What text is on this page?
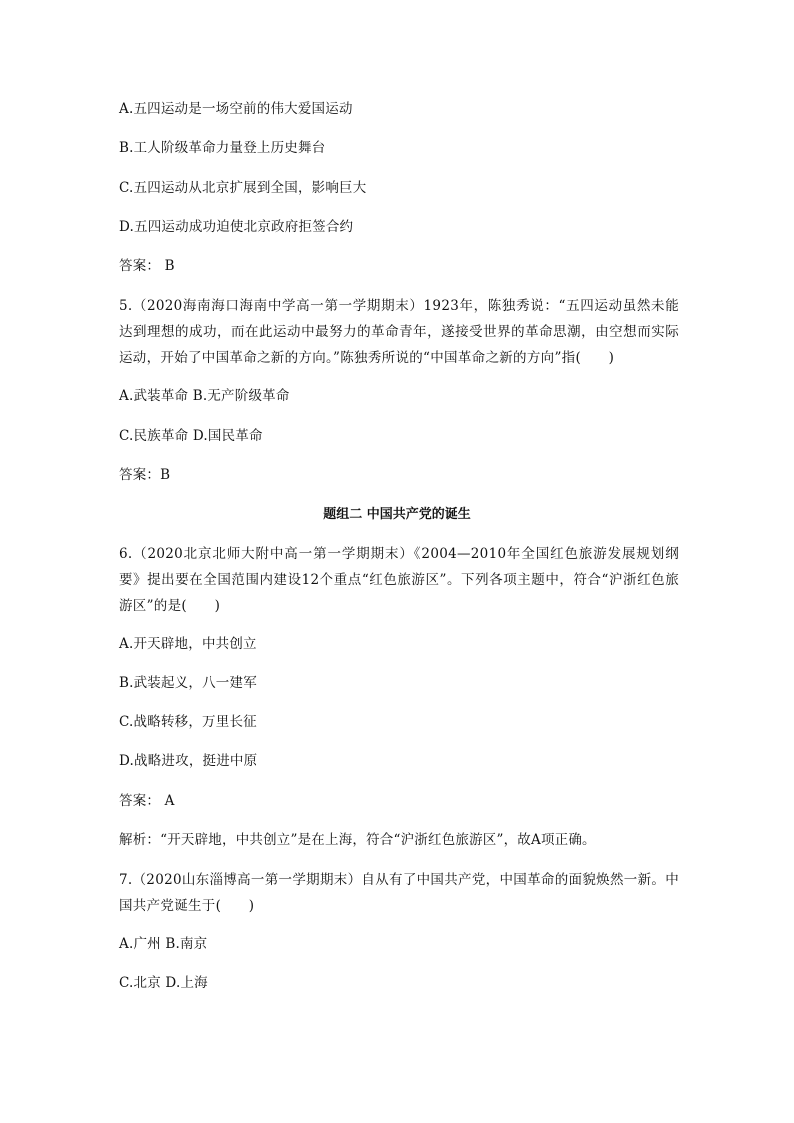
A.五四运动是一场空前的伟大爱国运动
B.工人阶级革命力量登上历史舞台
C.五四运动从北京扩展到全国，影响巨大
D.五四运动成功迫使北京政府拒签合约
答案： B
5.（2020海南海口海南中学高一第一学期期末）1923年，陈独秀说：“五四运动虽然未能达到理想的成功，而在此运动中最努力的革命青年，遂接受世界的革命思潮，由空想而实际运动，开始了中国革命之新的方向。”陈独秀所说的“中国革命之新的方向”指(　　)
A.武装革命 B.无产阶级革命
C.民族革命 D.国民革命
答案：B
题组二 中国共产党的诞生
6.（2020北京北师大附中高一第一学期期末）《2004—2010年全国红色旅游发展规划纲要》提出要在全国范围内建设12个重点“红色旅游区”。下列各项主题中，符合“沪浙红色旅游区”的是(　　)
A.开天辟地，中共创立
B.武装起义，八一建军
C.战略转移，万里长征
D.战略进攻，挺进中原
答案： A
解析：“开天辟地，中共创立”是在上海，符合“沪浙红色旅游区”，故A项正确。
7.（2020山东淄博高一第一学期期末）自从有了中国共产党，中国革命的面貌焕然一新。中国共产党诞生于(　　)
A.广州 B.南京
C.北京 D.上海
